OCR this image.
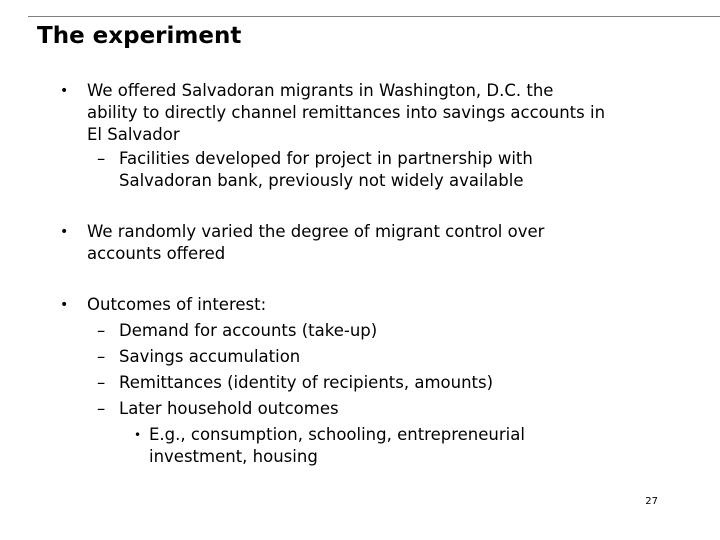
The experiment
• We offered Salvadoran migrants in Washington, D.C. the
ability to directly channel remittances into savings accounts in
El Salvador
– Facilities developed for project in partnership with
Salvadoran bank, previously not widely available
• We randomly varied the degree of migrant control over
accounts offered
• Outcomes of interest:
– Demand for accounts (take-up)
– Savings accumulation
– Remittances (identity of recipients, amounts)
– Later household outcomes
• E.g., consumption, schooling, entrepreneurial
investment, housing
27
